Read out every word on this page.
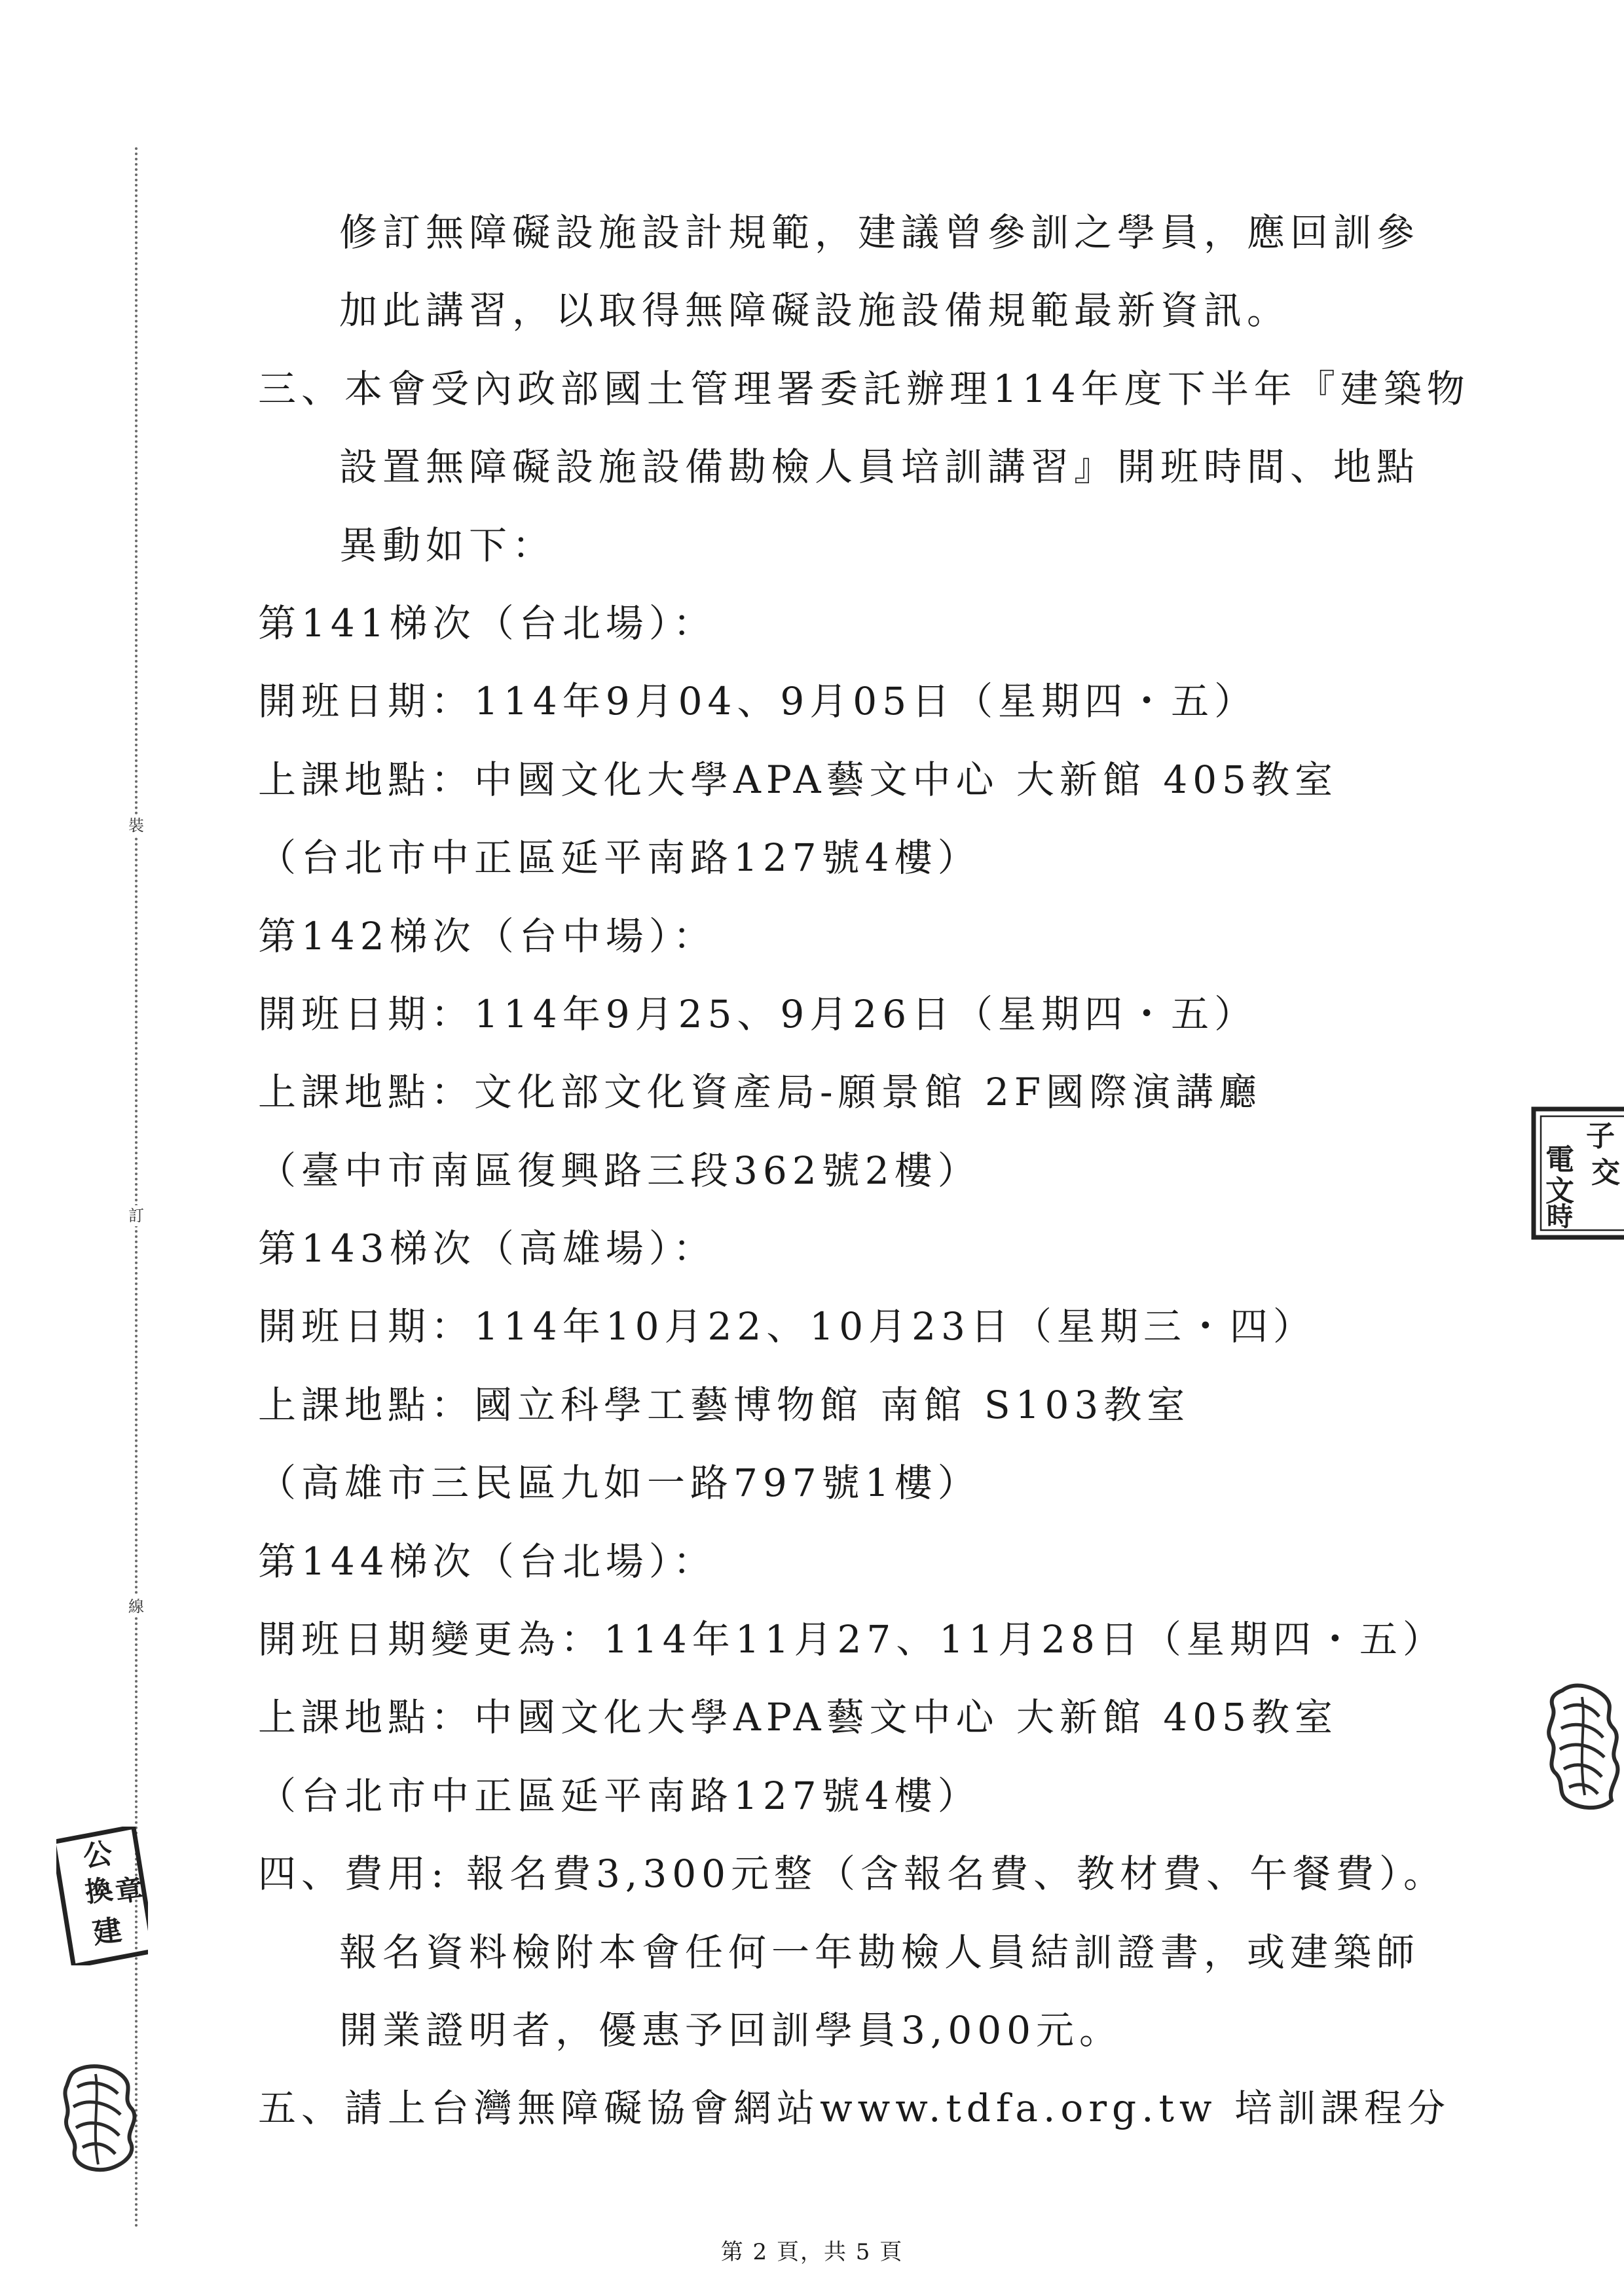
裝
訂
線
修訂無障礙設施設計規範，建議曾參訓之學員，應回訓參
加此講習，以取得無障礙設施設備規範最新資訊。
三、本會受內政部國土管理署委託辦理114年度下半年『建築物
設置無障礙設施設備勘檢人員培訓講習』開班時間、地點
異動如下：
第141梯次（台北場）：
開班日期：114年9月04、9月05日（星期四・五）
上課地點：中國文化大學APA藝文中心 大新館 405教室
（台北市中正區延平南路127號4樓）
第142梯次（台中場）：
開班日期：114年9月25、9月26日（星期四・五）
上課地點：文化部文化資產局-願景館 2F國際演講廳
（臺中市南區復興路三段362號2樓）
第143梯次（高雄場）：
開班日期：114年10月22、10月23日（星期三・四）
上課地點：國立科學工藝博物館 南館 S103教室
（高雄市三民區九如一路797號1樓）
第144梯次（台北場）：
開班日期變更為：114年11月27、11月28日（星期四・五）
上課地點：中國文化大學APA藝文中心 大新館 405教室
（台北市中正區延平南路127號4樓）
四、費用: 報名費3,300元整（含報名費、教材費、午餐費）。
報名資料檢附本會任何一年勘檢人員結訓證書，或建築師
開業證明者，優惠予回訓學員3,000元。
五、請上台灣無障礙協會網站www.tdfa.org.tw 培訓課程分
子
電 交
文
時
公
換
章
建
第 2 頁，共 5 頁
